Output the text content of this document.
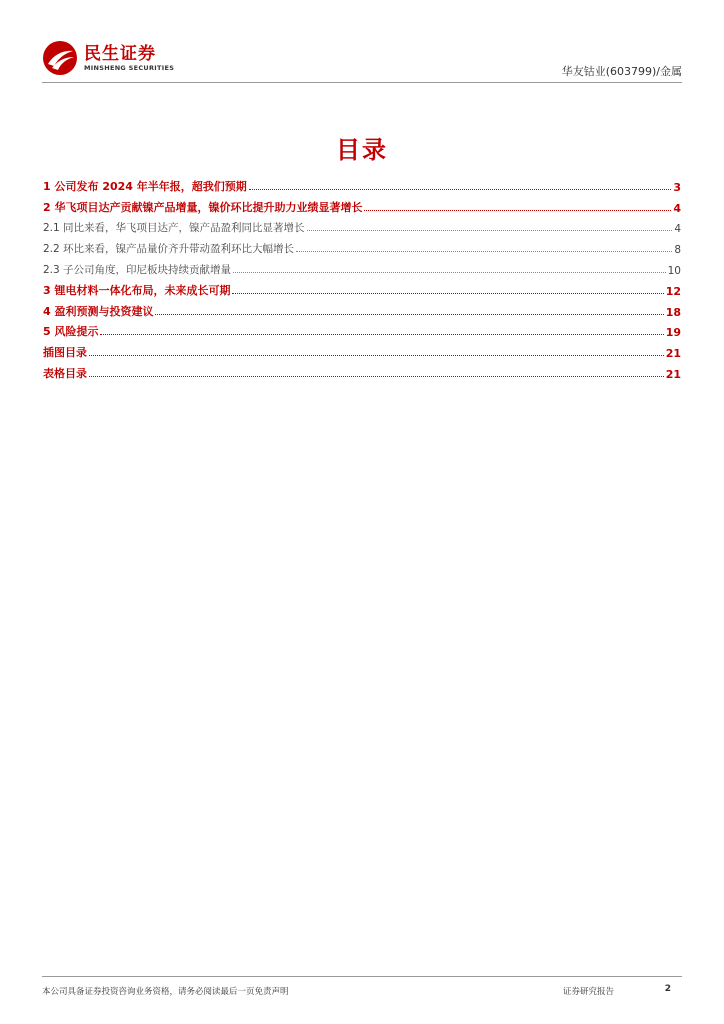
民生证券
MINSHENG SECURITIES	华友钴业(603799)/金属
目录
1 公司发布 2024 年半年报，超我们预期	3
2 华飞项目达产贡献镍产品增量，镍价环比提升助力业绩显著增长	4
2.1 同比来看，华飞项目达产，镍产品盈利同比显著增长	4
2.2 环比来看，镍产品量价齐升带动盈利环比大幅增长	8
2.3 子公司角度，印尼板块持续贡献增量	10
3 锂电材料一体化布局，未来成长可期	12
4 盈利预测与投资建议	18
5 风险提示	19
插图目录	21
表格目录	21
本公司具备证券投资咨询业务资格，请务必阅读最后一页免责声明	证券研究报告	2
